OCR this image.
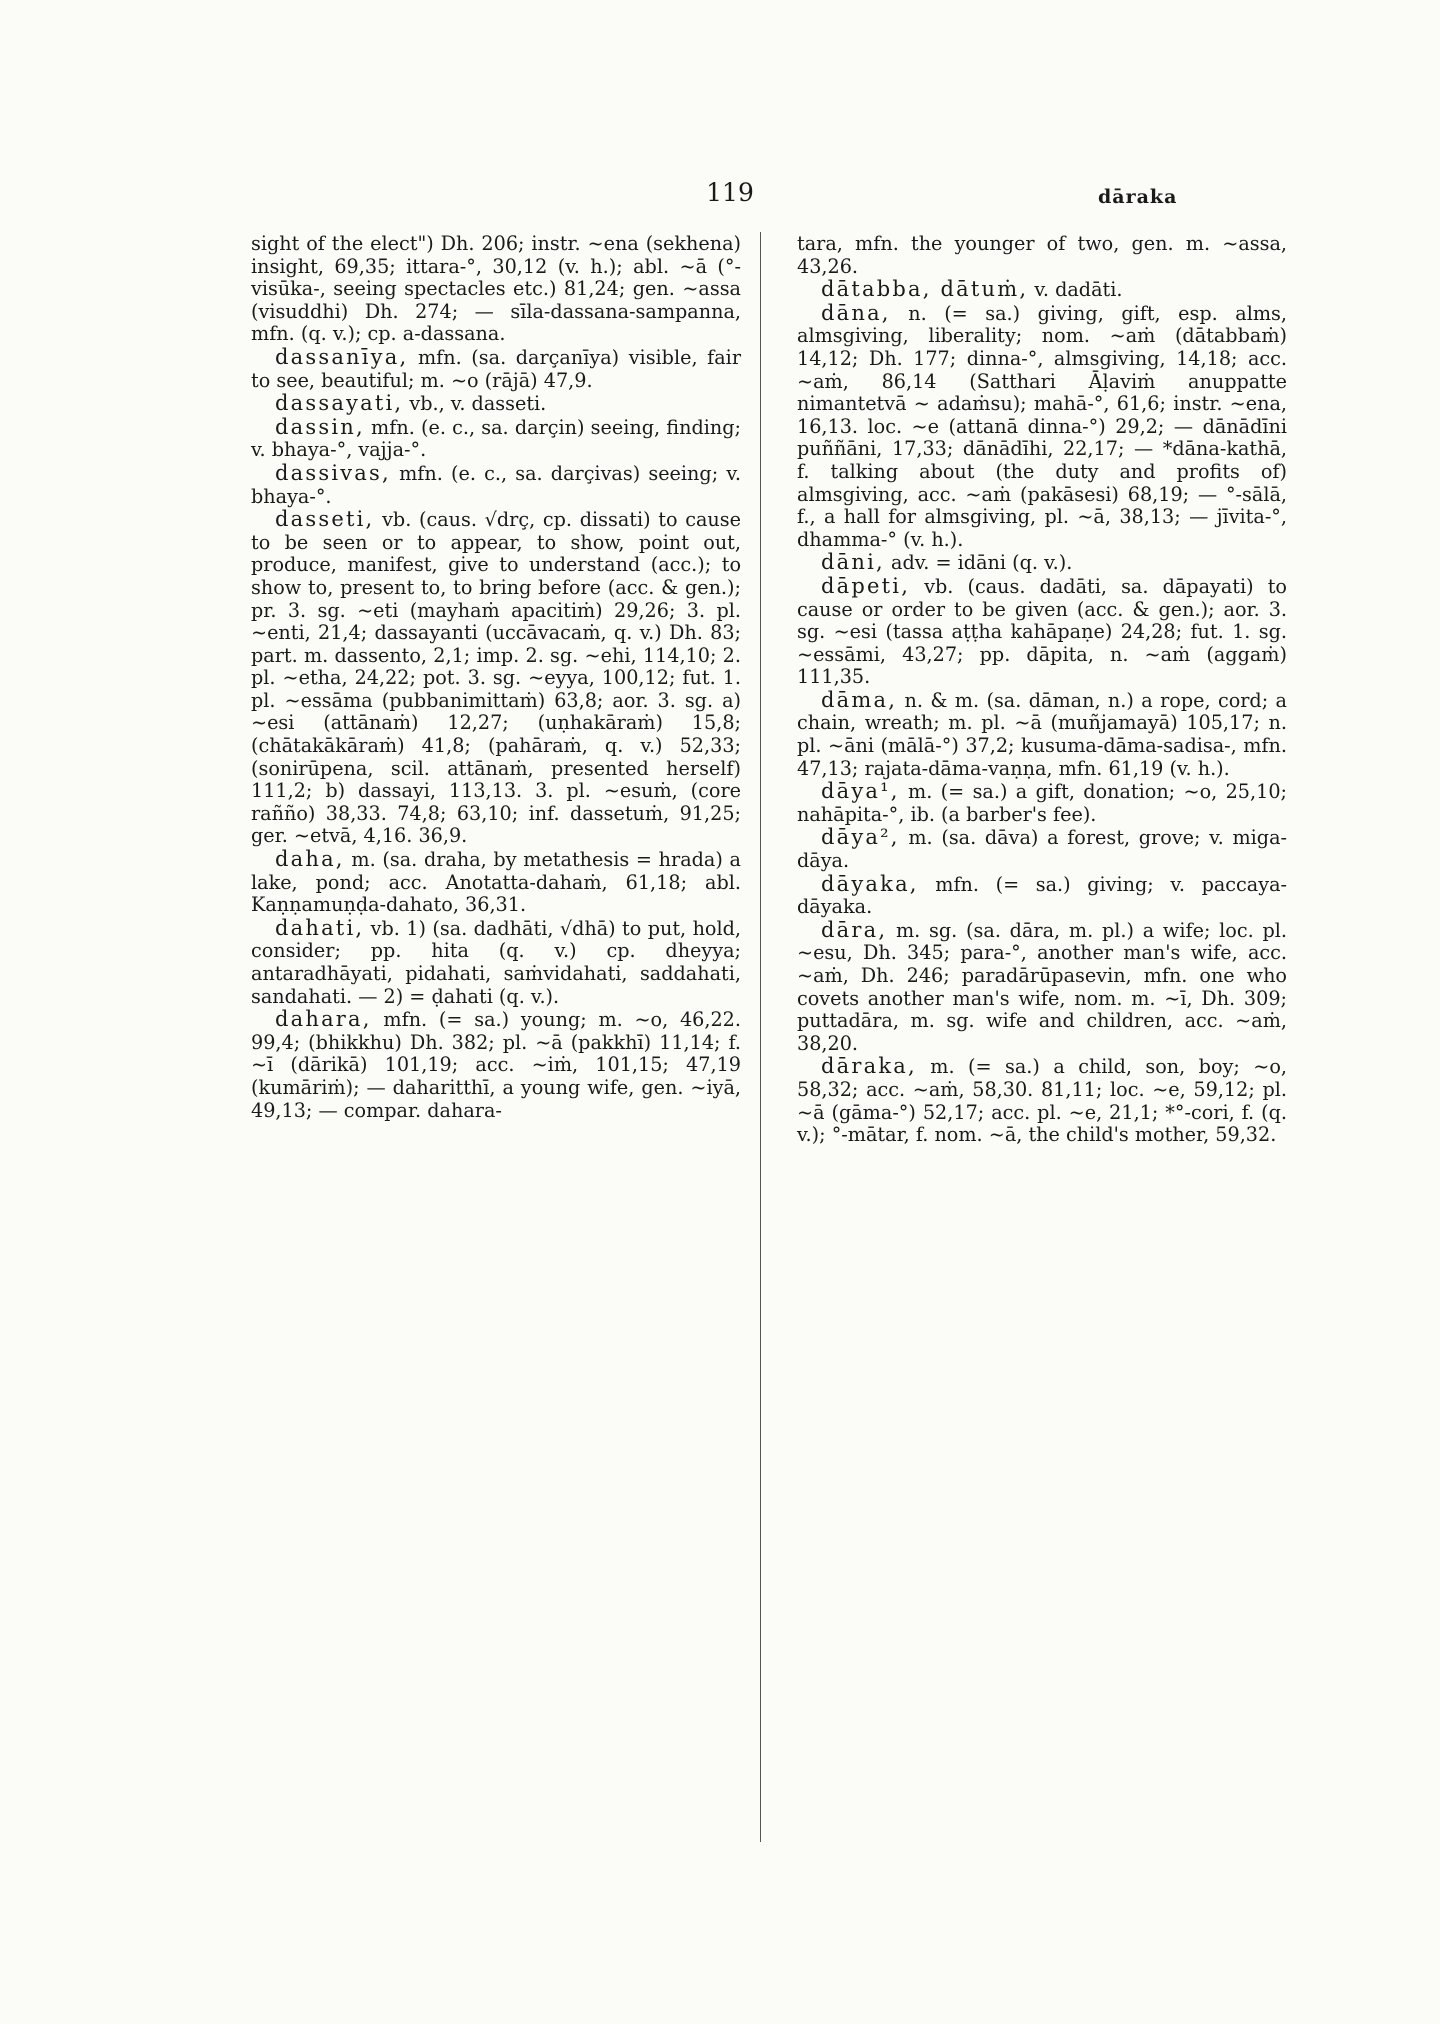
119	dāraka

sight of the elect") Dh. 206; instr. ~ena (sekhena) insight, 69,35; ittara-°, 30,12 (v. h.); abl. ~ā (°-visūka-, seeing spectacles etc.) 81,24; gen. ~assa (visuddhi) Dh. 274; — sīla-dassana-sampanna, mfn. (q. v.); cp. a-dassana.

dassanīya, mfn. (sa. darçanīya) visible, fair to see, beautiful; m. ~o (rājā) 47,9.

dassayati, vb., v. dasseti.

dassin, mfn. (e. c., sa. darçin) seeing, finding; v. bhaya-°, vajja-°.

dassivas, mfn. (e. c., sa. darçivas) seeing; v. bhaya-°.

dasseti, vb. (caus. √drç, cp. dissati) to cause to be seen or to appear, to show, point out, produce, manifest, give to understand (acc.); to show to, present to, to bring before (acc. & gen.); pr. 3. sg. ~eti (mayhaṁ apacitiṁ) 29,26; 3. pl. ~enti, 21,4; dassayanti (uccāvacaṁ, q. v.) Dh. 83; part. m. dassento, 2,1; imp. 2. sg. ~ehi, 114,10; 2. pl. ~etha, 24,22; pot. 3. sg. ~eyya, 100,12; fut. 1. pl. ~essāma (pubbanimittaṁ) 63,8; aor. 3. sg. a) ~esi (attānaṁ) 12,27; (uṇhakāraṁ) 15,8; (chātakākāraṁ) 41,8; (pahāraṁ, q. v.) 52,33; (sonirūpena, scil. attānaṁ, presented herself) 111,2; b) dassayi, 113,13. 3. pl. ~esuṁ, (core raññо) 38,33. 74,8; 63,10; inf. dassetuṁ, 91,25; ger. ~etvā, 4,16. 36,9.

daha, m. (sa. draha, by metathesis = hrada) a lake, pond; acc. Anotatta-dahaṁ, 61,18; abl. Kaṇṇamuṇḍa-dahato, 36,31.

dahati, vb. 1) (sa. dadhāti, √dhā) to put, hold, consider; pp. hita (q. v.) cp. dheyya; antaradhāyati, pidahati, saṁvidahati, saddahati, sandahati. — 2) = ḍahati (q. v.).

dahara, mfn. (= sa.) young; m. ~o, 46,22. 99,4; (bhikkhu) Dh. 382; pl. ~ā (pakkhī) 11,14; f. ~ī (dārikā) 101,19; acc. ~iṁ, 101,15; 47,19 (kumāriṁ); — daharitthī, a young wife, gen. ~iyā, 49,13; — compar. dahara-

tara, mfn. the younger of two, gen. m. ~assa, 43,26.

dātabba, dātuṁ, v. dadāti.

dāna, n. (= sa.) giving, gift, esp. alms, almsgiving, liberality; nom. ~aṁ (dātabbaṁ) 14,12; Dh. 177; dinna-°, almsgiving, 14,18; acc. ~aṁ, 86,14 (Satthari Āḷaviṁ anuppatte nimantetvā ~ adaṁsu); mahā-°, 61,6; instr. ~ena, 16,13. loc. ~e (attanā dinna-°) 29,2; — dānādīni puññāni, 17,33; dānādīhi, 22,17; — *dāna-kathā, f. talking about (the duty and profits of) almsgiving, acc. ~aṁ (pakāsesi) 68,19; — °-sālā, f., a hall for almsgiving, pl. ~ā, 38,13; — jīvita-°, dhamma-° (v. h.).

dāni, adv. = idāni (q. v.).

dāpeti, vb. (caus. dadāti, sa. dāpayati) to cause or order to be given (acc. & gen.); aor. 3. sg. ~esi (tassa aṭṭha kahāpaṇe) 24,28; fut. 1. sg. ~essāmi, 43,27; pp. dāpita, n. ~aṁ (aggaṁ) 111,35.

dāma, n. & m. (sa. dāman, n.) a rope, cord; a chain, wreath; m. pl. ~ā (muñjamayā) 105,17; n. pl. ~āni (mālā-°) 37,2; kusuma-dāma-sadisa-, mfn. 47,13; rajata-dāma-vaṇṇa, mfn. 61,19 (v. h.).

dāya¹, m. (= sa.) a gift, donation; ~o, 25,10; nahāpita-°, ib. (a barber's fee).

dāya², m. (sa. dāva) a forest, grove; v. miga-dāya.

dāyaka, mfn. (= sa.) giving; v. paccaya-dāyaka.

dāra, m. sg. (sa. dāra, m. pl.) a wife; loc. pl. ~esu, Dh. 345; para-°, another man's wife, acc. ~aṁ, Dh. 246; paradārūpasevin, mfn. one who covets another man's wife, nom. m. ~ī, Dh. 309; puttadāra, m. sg. wife and children, acc. ~aṁ, 38,20.

dāraka, m. (= sa.) a child, son, boy; ~o, 58,32; acc. ~aṁ, 58,30. 81,11; loc. ~e, 59,12; pl. ~ā (gāma-°) 52,17; acc. pl. ~e, 21,1; *°-cori, f. (q. v.); °-mātar, f. nom. ~ā, the child's mother, 59,32.
